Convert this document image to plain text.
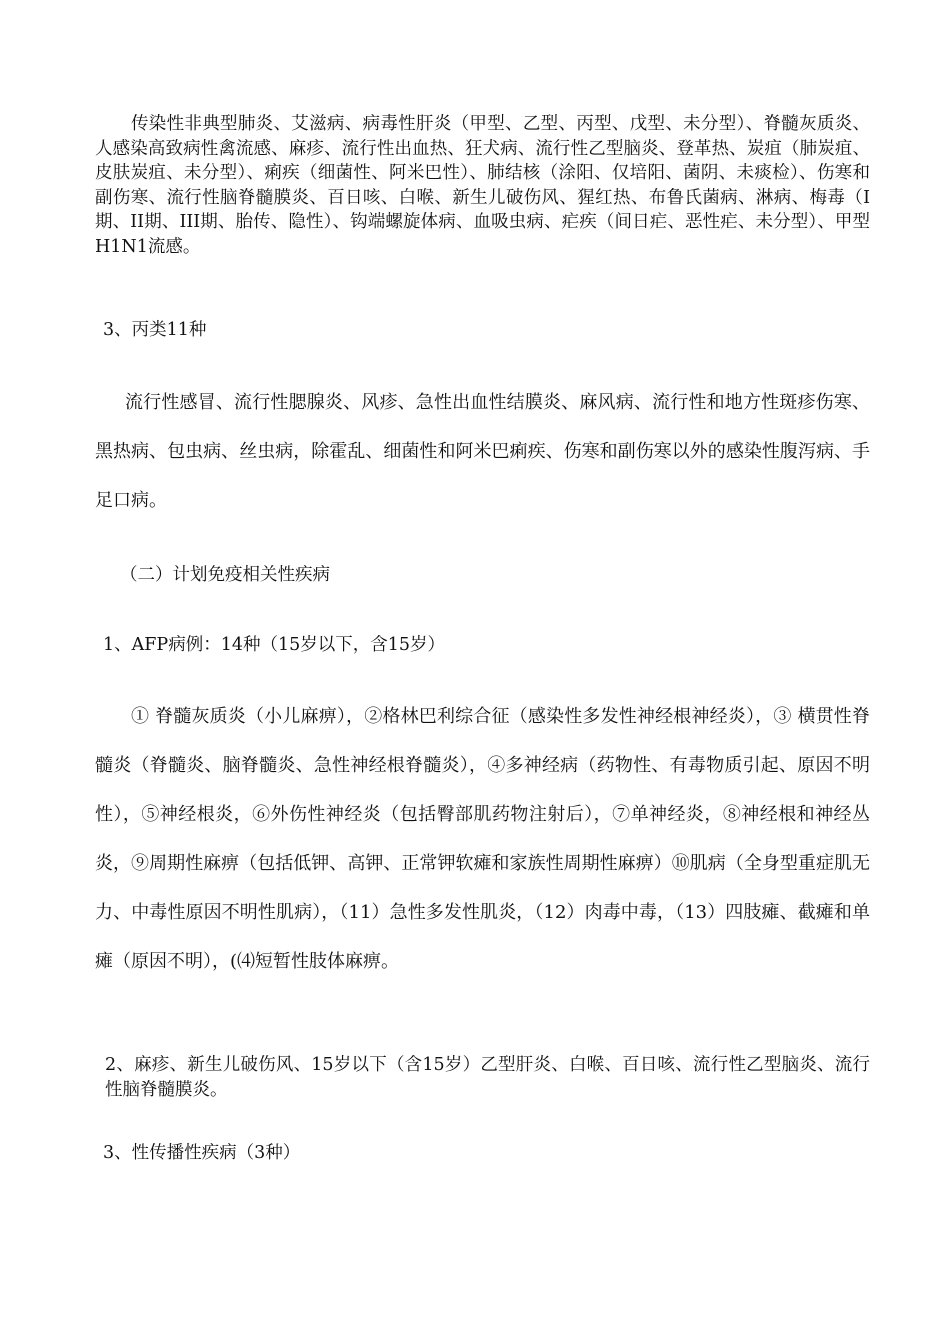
传染性非典型肺炎、艾滋病、病毒性肝炎（甲型、乙型、丙型、戊型、未分型）、脊髓灰质炎、人感染高致病性禽流感、麻疹、流行性出血热、狂犬病、流行性乙型脑炎、登革热、炭疽（肺炭疽、皮肤炭疽、未分型）、痢疾（细菌性、阿米巴性）、肺结核（涂阳、仅培阳、菌阴、未痰检）、伤寒和副伤寒、流行性脑脊髓膜炎、百日咳、白喉、新生儿破伤风、猩红热、布鲁氏菌病、淋病、梅毒（I期、II期、III期、胎传、隐性）、钩端螺旋体病、血吸虫病、疟疾（间日疟、恶性疟、未分型）、甲型H1N1流感。

3、丙类11种

流行性感冒、流行性腮腺炎、风疹、急性出血性结膜炎、麻风病、流行性和地方性斑疹伤寒、黑热病、包虫病、丝虫病，除霍乱、细菌性和阿米巴痢疾、伤寒和副伤寒以外的感染性腹泻病、手足口病。

（二）计划免疫相关性疾病

1、AFP病例：14种（15岁以下，含15岁）

① 脊髓灰质炎（小儿麻痹），②格林巴利综合征（感染性多发性神经根神经炎），③ 横贯性脊髓炎（脊髓炎、脑脊髓炎、急性神经根脊髓炎），④多神经病（药物性、有毒物质引起、原因不明性），⑤神经根炎，⑥外伤性神经炎（包括臀部肌药物注射后），⑦单神经炎，⑧神经根和神经丛炎，⑨周期性麻痹（包括低钾、高钾、正常钾软瘫和家族性周期性麻痹）⑩肌病（全身型重症肌无力、中毒性原因不明性肌病），（11）急性多发性肌炎，（12）肉毒中毒，（13）四肢瘫、截瘫和单瘫（原因不明），(⑷短暂性肢体麻痹。

2、麻疹、新生儿破伤风、15岁以下（含15岁）乙型肝炎、白喉、百日咳、流行性乙型脑炎、流行性脑脊髓膜炎。

3、性传播性疾病（3种）
